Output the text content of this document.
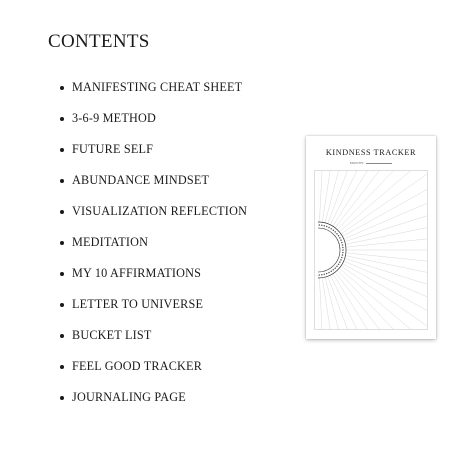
CONTENTS
MANIFESTING CHEAT SHEET
3-6-9 METHOD
FUTURE SELF
ABUNDANCE MINDSET
VISUALIZATION REFLECTION
MEDITATION
MY 10 AFFIRMATIONS
LETTER TO UNIVERSE
BUCKET LIST
FEEL GOOD TRACKER
JOURNALING PAGE
KINDNESS TRACKER
MONTH:
